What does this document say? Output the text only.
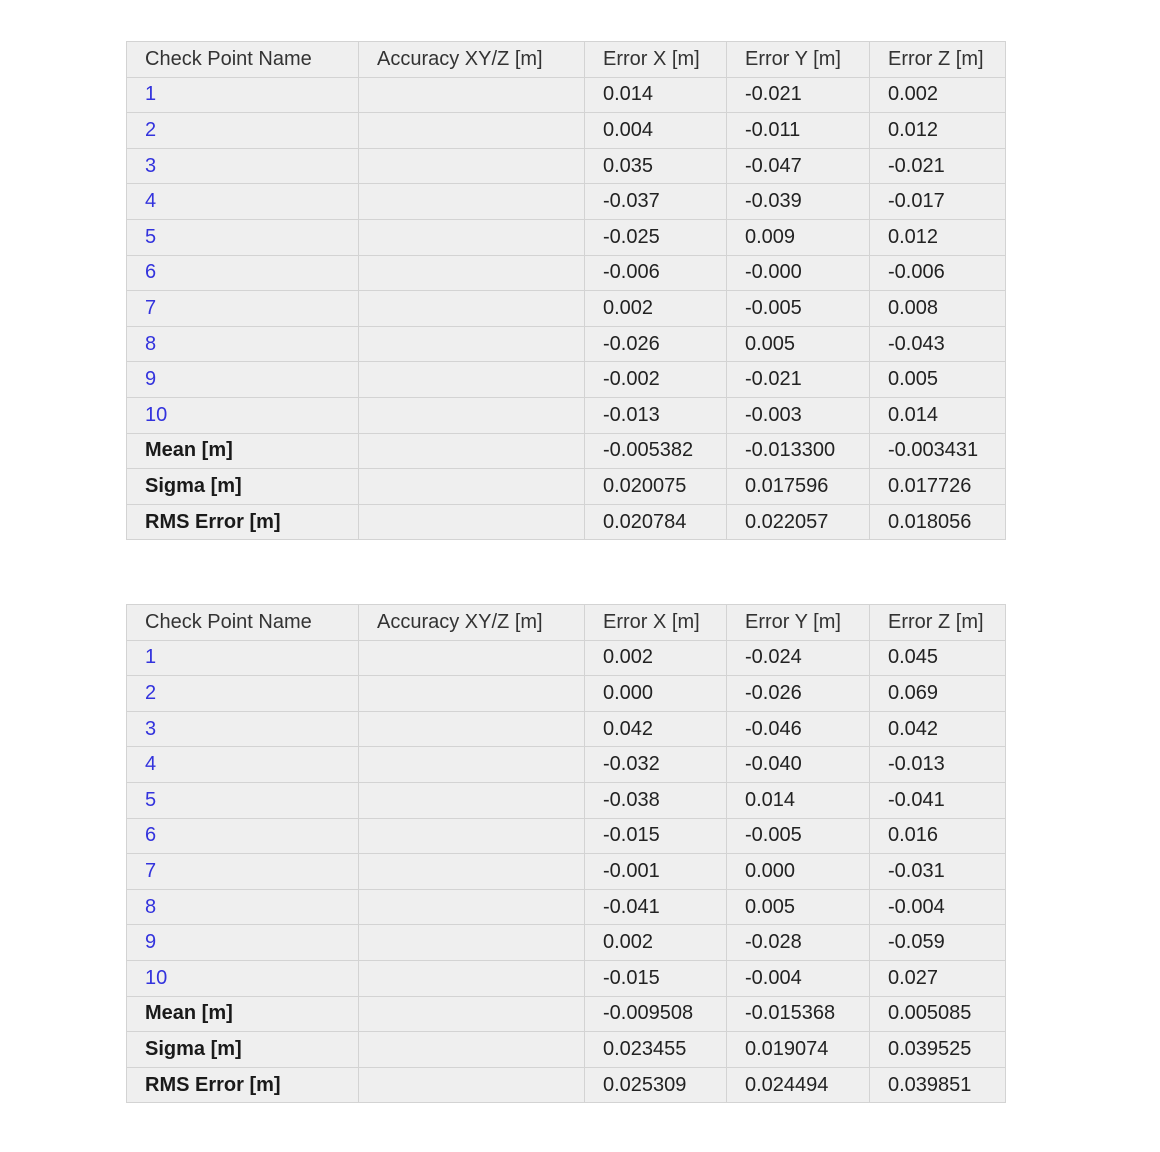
Check Point Name	Accuracy XY/Z [m]	Error X [m]	Error Y [m]	Error Z [m]
1		0.014	-0.021	0.002
2		0.004	-0.011	0.012
3		0.035	-0.047	-0.021
4		-0.037	-0.039	-0.017
5		-0.025	0.009	0.012
6		-0.006	-0.000	-0.006
7		0.002	-0.005	0.008
8		-0.026	0.005	-0.043
9		-0.002	-0.021	0.005
10		-0.013	-0.003	0.014
Mean [m]		-0.005382	-0.013300	-0.003431
Sigma [m]		0.020075	0.017596	0.017726
RMS Error [m]		0.020784	0.022057	0.018056
Check Point Name	Accuracy XY/Z [m]	Error X [m]	Error Y [m]	Error Z [m]
1		0.002	-0.024	0.045
2		0.000	-0.026	0.069
3		0.042	-0.046	0.042
4		-0.032	-0.040	-0.013
5		-0.038	0.014	-0.041
6		-0.015	-0.005	0.016
7		-0.001	0.000	-0.031
8		-0.041	0.005	-0.004
9		0.002	-0.028	-0.059
10		-0.015	-0.004	0.027
Mean [m]		-0.009508	-0.015368	0.005085
Sigma [m]		0.023455	0.019074	0.039525
RMS Error [m]		0.025309	0.024494	0.039851
